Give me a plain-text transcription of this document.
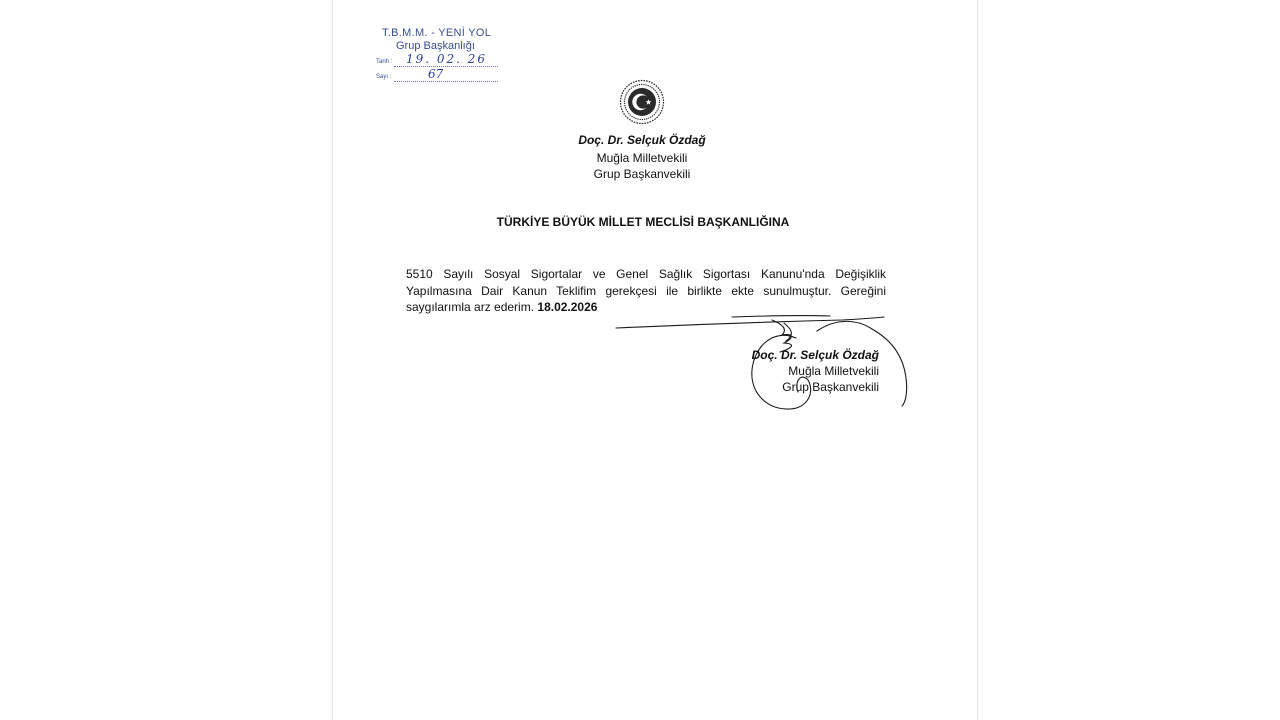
T.B.M.M. - YENİ YOL
Grup Başkanlığı
Tarih : 19. 02. 26
Sayı :	67
Doç. Dr. Selçuk Özdağ
Muğla Milletvekili
Grup Başkanvekili
TÜRKİYE BÜYÜK MİLLET MECLİSİ BAŞKANLIĞINA
5510 Sayılı Sosyal Sigortalar ve Genel Sağlık Sigortası Kanunu'nda Değişiklik Yapılmasına Dair Kanun Teklifim gerekçesi ile birlikte ekte sunulmuştur. Gereğini saygılarımla arz ederim. 18.02.2026
Doç. Dr. Selçuk Özdağ
Muğla Milletvekili
Grup Başkanvekili
